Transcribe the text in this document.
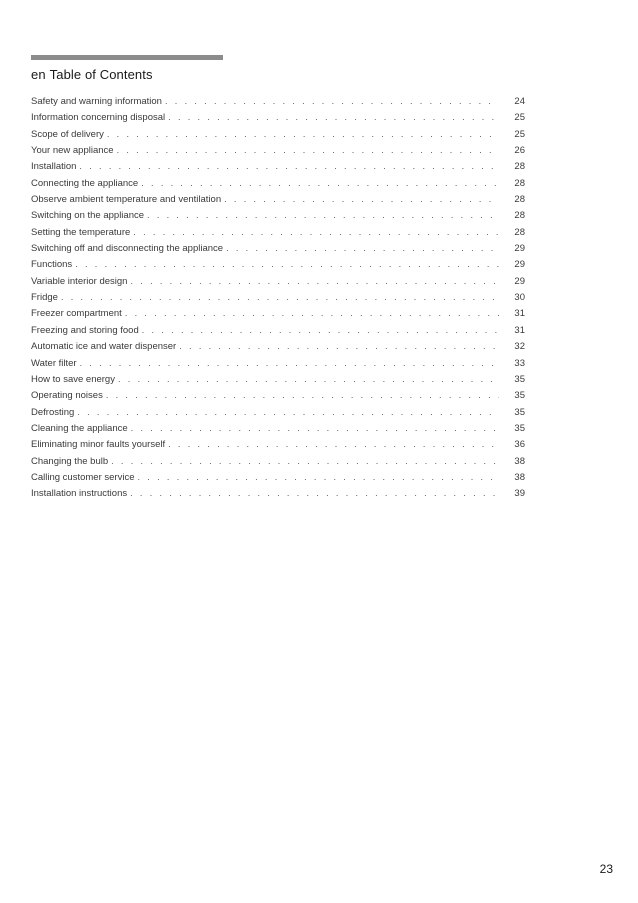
en Table of Contents
Safety and warning information . . .	24
Information concerning disposal . . .	25
Scope of delivery . . .	25
Your new appliance . . .	26
Installation . . .	28
Connecting the appliance . . .	28
Observe ambient temperature and ventilation . . .	28
Switching on the appliance . . .	28
Setting the temperature . . .	28
Switching off and disconnecting the appliance . . .	29
Functions . . .	29
Variable interior design . . .	29
Fridge . . .	30
Freezer compartment . . .	31
Freezing and storing food . . .	31
Automatic ice and water dispenser . . .	32
Water filter . . .	33
How to save energy . . .	35
Operating noises . . .	35
Defrosting . . .	35
Cleaning the appliance . . .	35
Eliminating minor faults yourself . . .	36
Changing the bulb . . .	38
Calling customer service . . .	38
Installation instructions . . .	39
23
